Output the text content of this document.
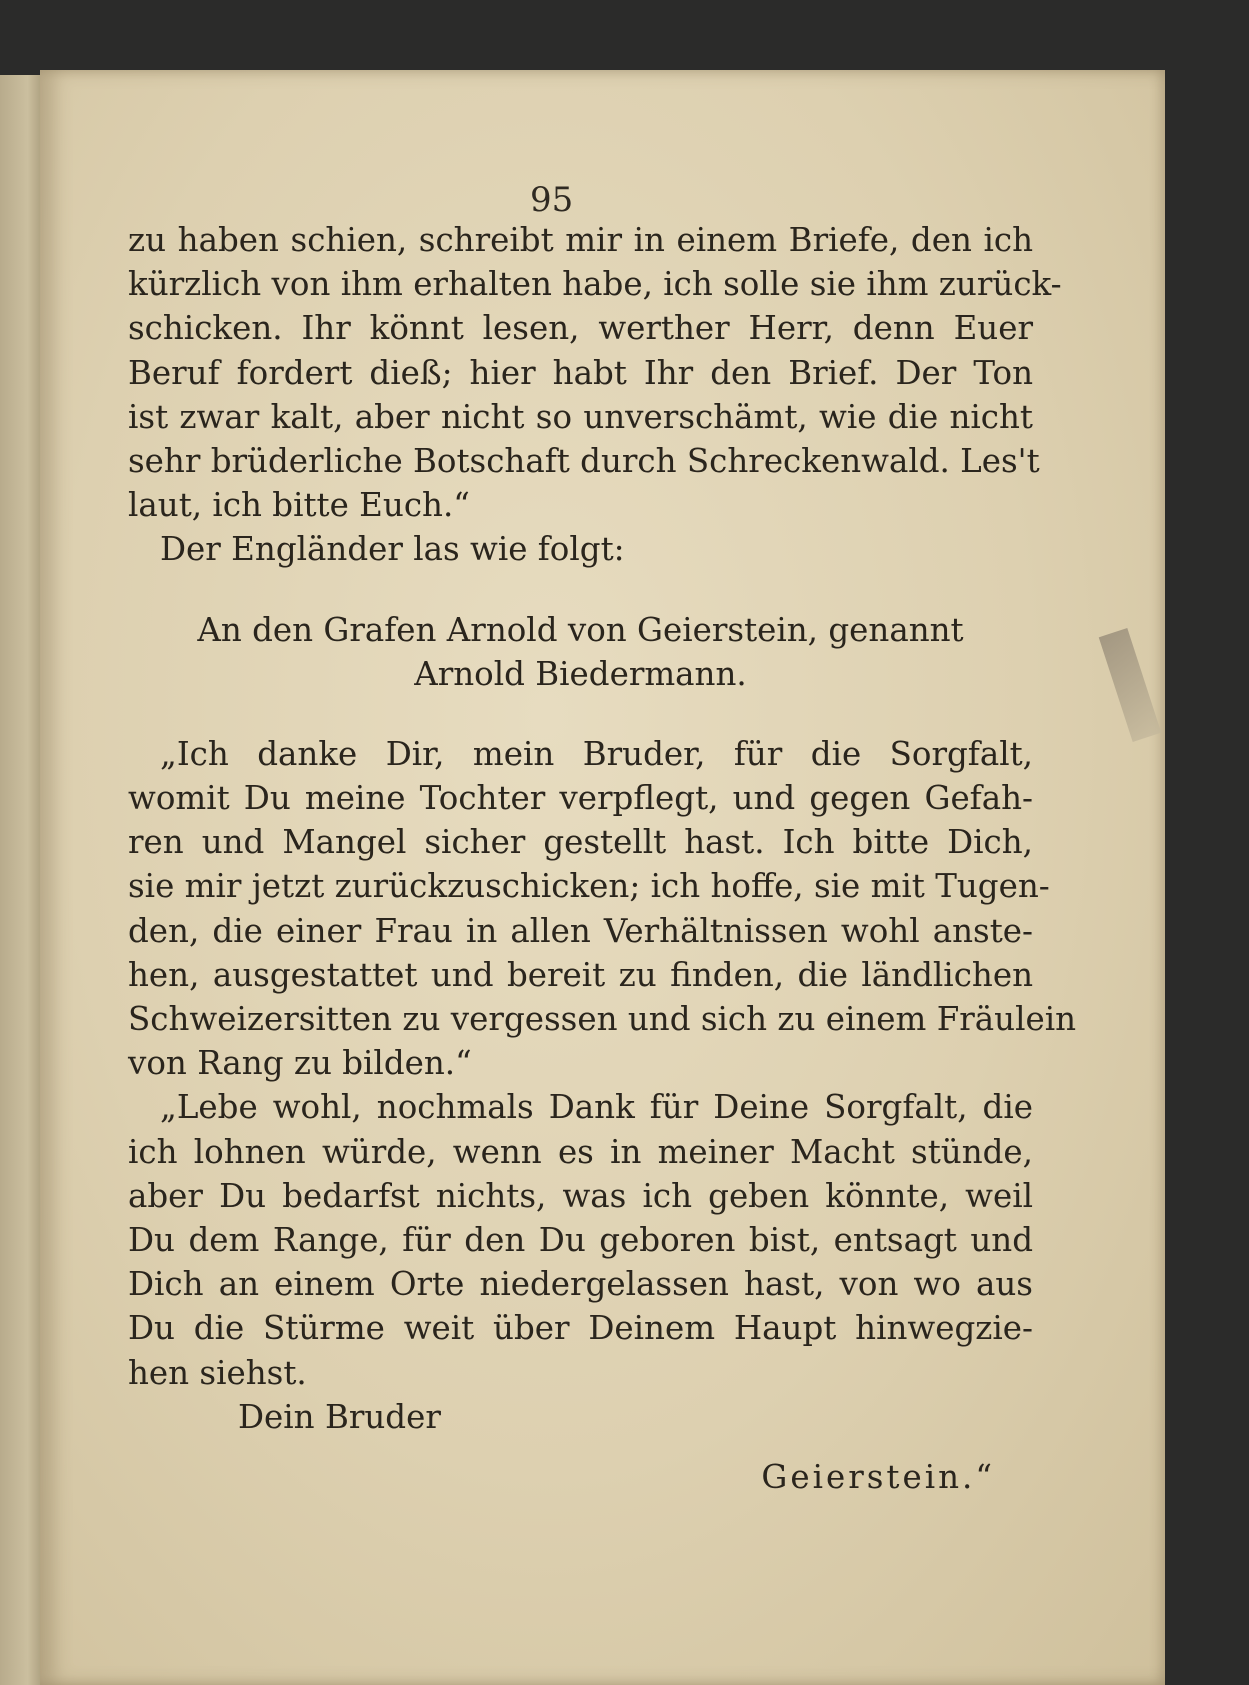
95
zu haben schien, schreibt mir in einem Briefe, den ich
kürzlich von ihm erhalten habe, ich solle sie ihm zurück-
schicken. Ihr könnt lesen, werther Herr, denn Euer
Beruf fordert dieß; hier habt Ihr den Brief. Der Ton
ist zwar kalt, aber nicht so unverschämt, wie die nicht
sehr brüderliche Botschaft durch Schreckenwald. Les't
laut, ich bitte Euch.“
Der Engländer las wie folgt:
An den Grafen Arnold von Geierstein, genannt
Arnold Biedermann.
„Ich danke Dir, mein Bruder, für die Sorgfalt,
womit Du meine Tochter verpflegt, und gegen Gefah-
ren und Mangel sicher gestellt hast. Ich bitte Dich,
sie mir jetzt zurückzuschicken; ich hoffe, sie mit Tugen-
den, die einer Frau in allen Verhältnissen wohl anste-
hen, ausgestattet und bereit zu finden, die ländlichen
Schweizersitten zu vergessen und sich zu einem Fräulein
von Rang zu bilden.“
„Lebe wohl, nochmals Dank für Deine Sorgfalt, die
ich lohnen würde, wenn es in meiner Macht stünde,
aber Du bedarfst nichts, was ich geben könnte, weil
Du dem Range, für den Du geboren bist, entsagt und
Dich an einem Orte niedergelassen hast, von wo aus
Du die Stürme weit über Deinem Haupt hinwegzie-
hen siehst.
Dein Bruder
Geierstein.“
